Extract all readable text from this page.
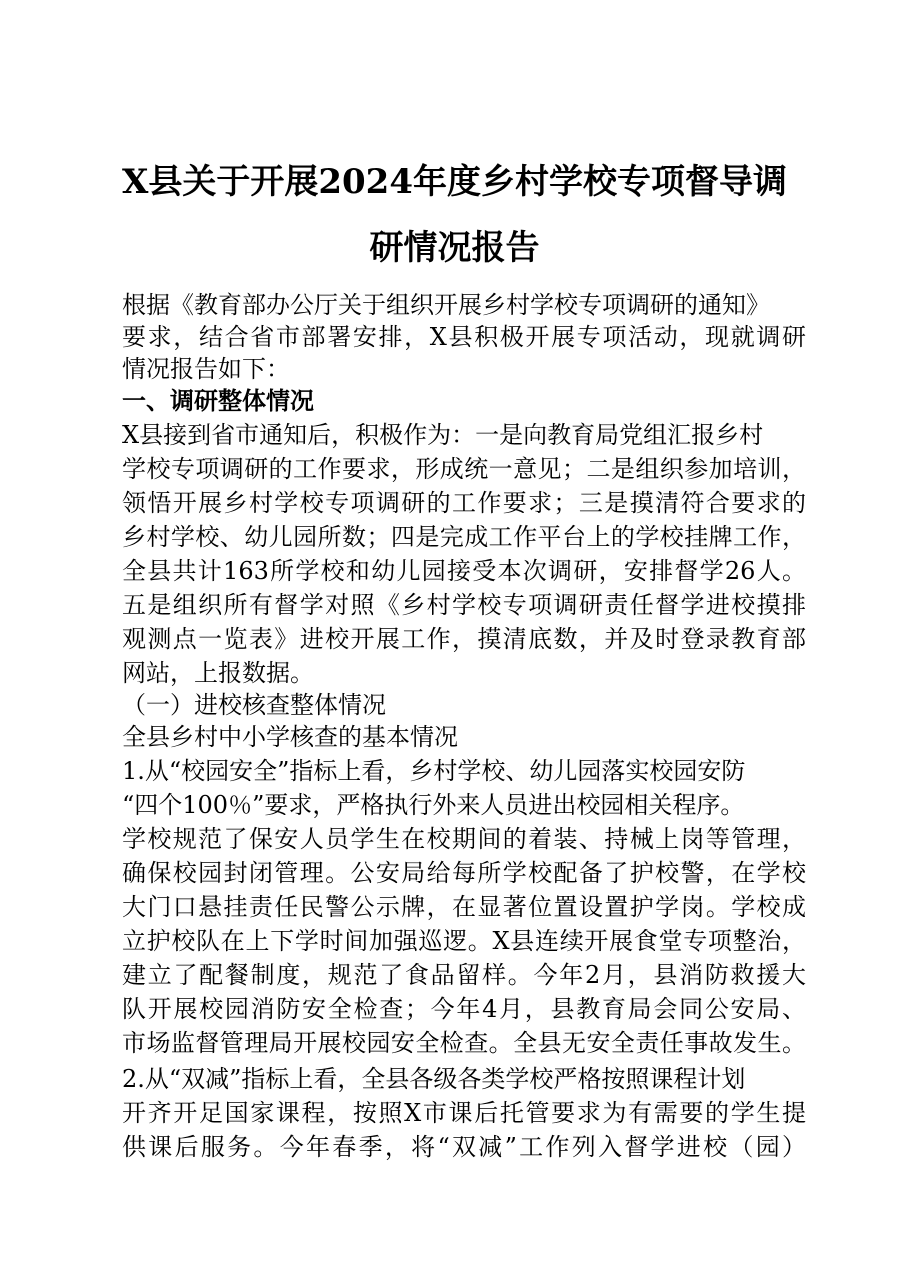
X县关于开展2024年度乡村学校专项督导调
研情况报告
根据《教育部办公厅关于组织开展乡村学校专项调研的通知》
要求，结合省市部署安排，X县积极开展专项活动，现就调研
情况报告如下：
一、调研整体情况
X县接到省市通知后，积极作为：一是向教育局党组汇报乡村
学校专项调研的工作要求，形成统一意见；二是组织参加培训，
领悟开展乡村学校专项调研的工作要求；三是摸清符合要求的
乡村学校、幼儿园所数；四是完成工作平台上的学校挂牌工作，
全县共计163所学校和幼儿园接受本次调研，安排督学26人。
五是组织所有督学对照《乡村学校专项调研责任督学进校摸排
观测点一览表》进校开展工作，摸清底数，并及时登录教育部
网站，上报数据。
（一）进校核查整体情况
全县乡村中小学核查的基本情况
1.从“校园安全”指标上看，乡村学校、幼儿园落实校园安防
“四个100％”要求，严格执行外来人员进出校园相关程序。
学校规范了保安人员学生在校期间的着装、持械上岗等管理，
确保校园封闭管理。公安局给每所学校配备了护校警，在学校
大门口悬挂责任民警公示牌，在显著位置设置护学岗。学校成
立护校队在上下学时间加强巡逻。X县连续开展食堂专项整治，
建立了配餐制度，规范了食品留样。今年2月，县消防救援大
队开展校园消防安全检查；今年4月，县教育局会同公安局、
市场监督管理局开展校园安全检查。全县无安全责任事故发生。
2.从“双减”指标上看，全县各级各类学校严格按照课程计划
开齐开足国家课程，按照X市课后托管要求为有需要的学生提
供课后服务。今年春季，将“双减”工作列入督学进校（园）
